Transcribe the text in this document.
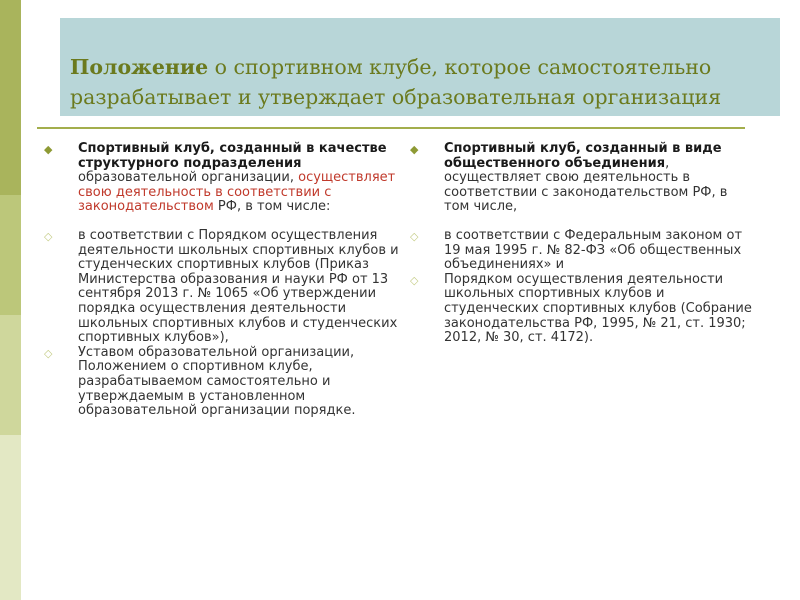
Положение о спортивном клубе, которое самостоятельно разрабатывает и утверждает образовательная организация
◆ Спортивный клуб, созданный в качестве структурного подразделения образовательной организации, осуществляет свою деятельность в соответствии с законодательством РФ, в том числе:
◇ в соответствии с Порядком осуществления деятельности школьных спортивных клубов и студенческих спортивных клубов (Приказ Министерства образования и науки РФ от 13 сентября 2013 г. № 1065 «Об утверждении порядка осуществления деятельности школьных спортивных клубов и студенческих спортивных клубов»),
◇ Уставом образовательной организации, Положением о спортивном клубе, разрабатываемом самостоятельно и утверждаемым в установленном образовательной организации порядке.
◆ Спортивный клуб, созданный в виде общественного объединения, осуществляет свою деятельность в соответствии с законодательством РФ, в том числе,
◇ в соответствии с Федеральным законом от 19 мая 1995 г. № 82-ФЗ «Об общественных объединениях» и
◇ Порядком осуществления деятельности школьных спортивных клубов и студенческих спортивных клубов (Собрание законодательства РФ, 1995, № 21, ст. 1930; 2012, № 30, ст. 4172).
